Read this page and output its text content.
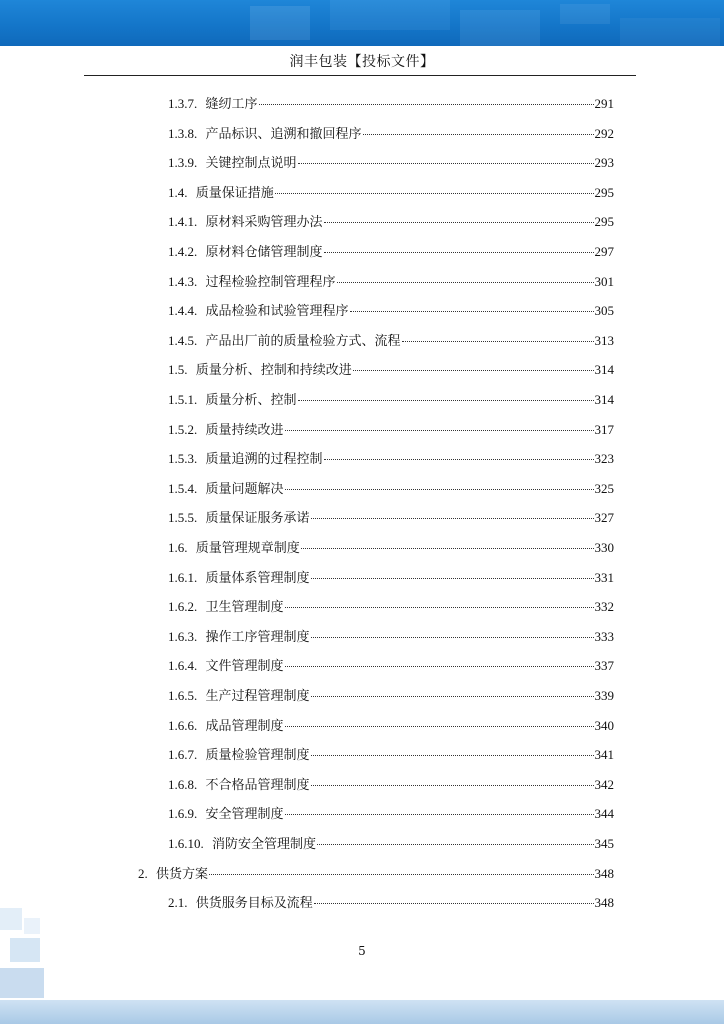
润丰包装【投标文件】
1.3.7. 缝纫工序	291
1.3.8. 产品标识、追溯和撤回程序	292
1.3.9. 关键控制点说明	293
1.4. 质量保证措施	295
1.4.1. 原材料采购管理办法	295
1.4.2. 原材料仓储管理制度	297
1.4.3. 过程检验控制管理程序	301
1.4.4. 成品检验和试验管理程序	305
1.4.5. 产品出厂前的质量检验方式、流程	313
1.5. 质量分析、控制和持续改进	314
1.5.1. 质量分析、控制	314
1.5.2. 质量持续改进	317
1.5.3. 质量追溯的过程控制	323
1.5.4. 质量问题解决	325
1.5.5. 质量保证服务承诺	327
1.6. 质量管理规章制度	330
1.6.1. 质量体系管理制度	331
1.6.2. 卫生管理制度	332
1.6.3. 操作工序管理制度	333
1.6.4. 文件管理制度	337
1.6.5. 生产过程管理制度	339
1.6.6. 成品管理制度	340
1.6.7. 质量检验管理制度	341
1.6.8. 不合格品管理制度	342
1.6.9. 安全管理制度	344
1.6.10. 消防安全管理制度	345
2. 供货方案	348
2.1. 供货服务目标及流程	348
5
